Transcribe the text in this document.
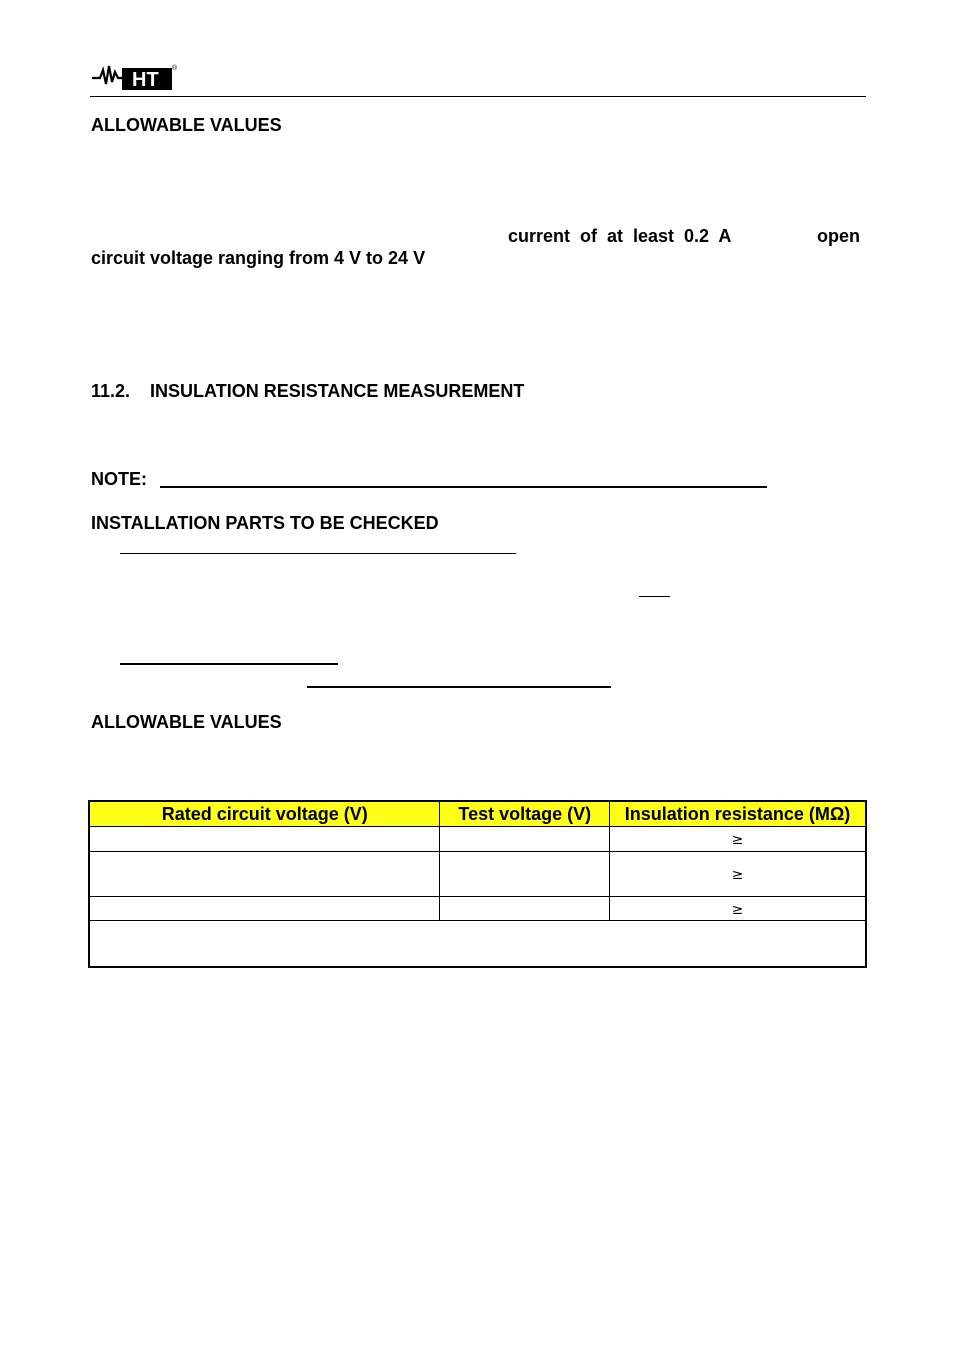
HT
®
ALLOWABLE VALUES
current of at least 0.2 A	open
circuit voltage ranging from 4 V to 24 V
11.2.    INSULATION RESISTANCE MEASUREMENT
NOTE:
INSTALLATION PARTS TO BE CHECKED
ALLOWABLE VALUES
Rated circuit voltage (V)	Test voltage (V)	Insulation resistance (MΩ)
		≥
		≥
		≥
